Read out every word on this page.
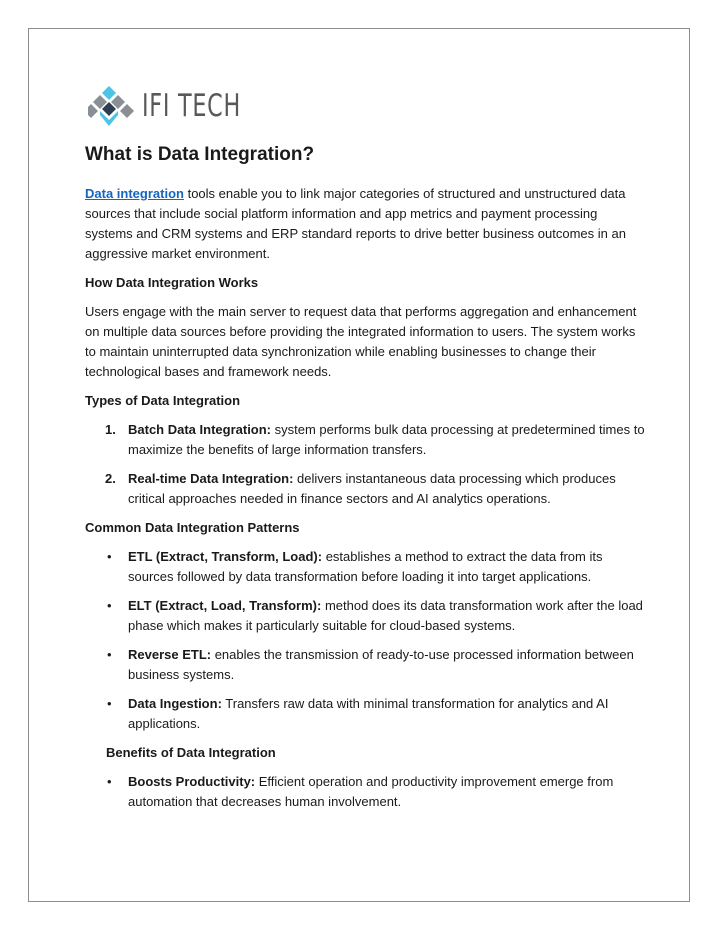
IFI TECH
What is Data Integration?

Data integration tools enable you to link major categories of structured and unstructured data sources that include social platform information and app metrics and payment processing systems and CRM systems and ERP standard reports to drive better business outcomes in an aggressive market environment.

How Data Integration Works

Users engage with the main server to request data that performs aggregation and enhancement on multiple data sources before providing the integrated information to users. The system works to maintain uninterrupted data synchronization while enabling businesses to change their technological bases and framework needs.

Types of Data Integration
1. Batch Data Integration: system performs bulk data processing at predetermined times to maximize the benefits of large information transfers.
2. Real-time Data Integration: delivers instantaneous data processing which produces critical approaches needed in finance sectors and AI analytics operations.
Common Data Integration Patterns
• ETL (Extract, Transform, Load): establishes a method to extract the data from its sources followed by data transformation before loading it into target applications.
• ELT (Extract, Load, Transform): method does its data transformation work after the load phase which makes it particularly suitable for cloud-based systems.
• Reverse ETL: enables the transmission of ready-to-use processed information between business systems.
• Data Ingestion: Transfers raw data with minimal transformation for analytics and AI applications.
Benefits of Data Integration
• Boosts Productivity: Efficient operation and productivity improvement emerge from automation that decreases human involvement.
